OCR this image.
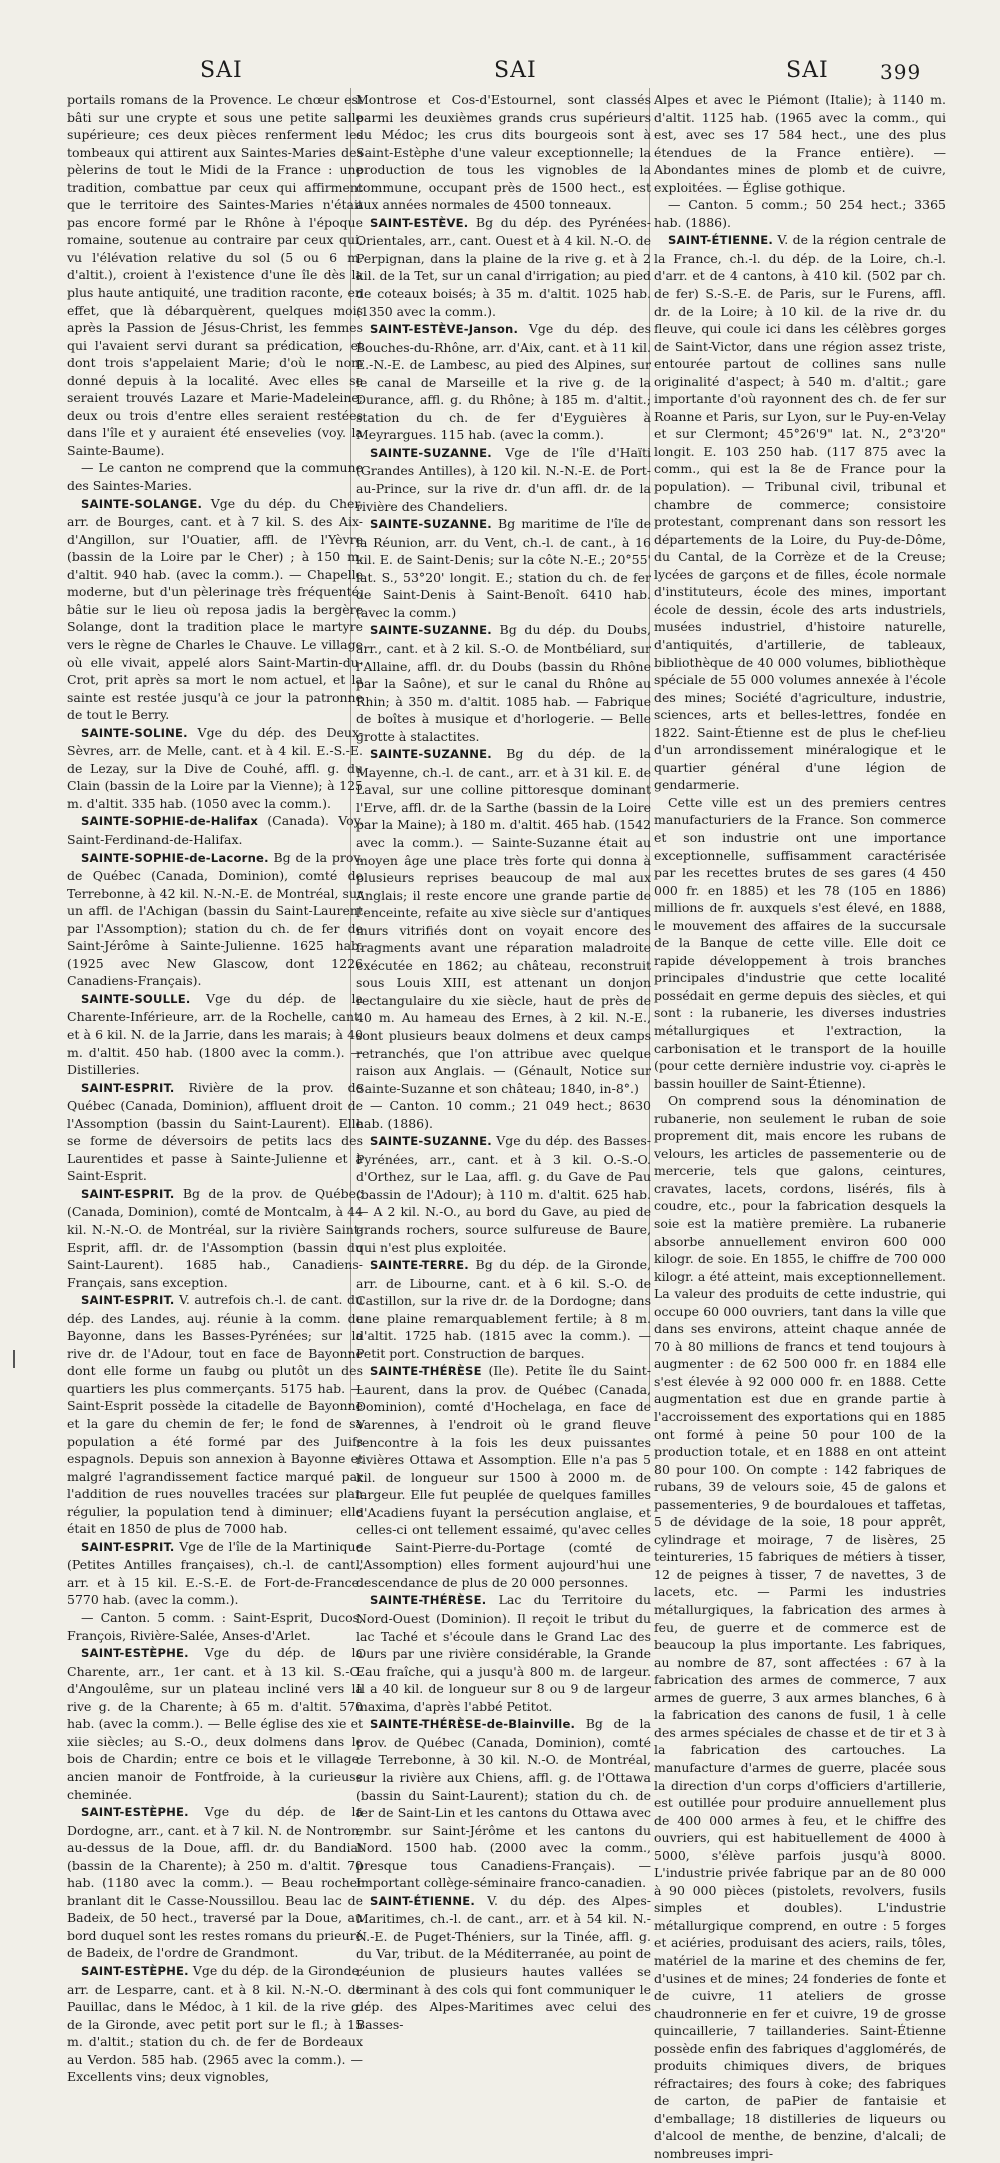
SAI	SAI	SAI	399

portails romans de la Provence. Le chœur est bâti sur une crypte et sous une petite salle supérieure; ces deux pièces renferment les tombeaux qui attirent aux Saintes-Maries des pèlerins de tout le Midi de la France : une tradition, combattue par ceux qui affirment que le territoire des Saintes-Maries n'était pas encore formé par le Rhône à l'époque romaine, soutenue au contraire par ceux qui, vu l'élévation relative du sol (5 ou 6 m. d'altit.), croient à l'existence d'une île dès la plus haute antiquité, une tradition raconte, en effet, que là débarquèrent, quelques mois après la Passion de Jésus-Christ, les femmes qui l'avaient servi durant sa prédication, et dont trois s'appelaient Marie; d'où le nom donné depuis à la localité. Avec elles se seraient trouvés Lazare et Marie-Madeleine; deux ou trois d'entre elles seraient restées dans l'île et y auraient été ensevelies (voy. la Sainte-Baume).

— Le canton ne comprend que la commune des Saintes-Maries.

SAINTE-SOLANGE. Vge du dép. du Cher, arr. de Bourges, cant. et à 7 kil. S. des Aix-d'Angillon, sur l'Ouatier, affl. de l'Yèvre (bassin de la Loire par le Cher) ; à 150 m. d'altit. 940 hab. (avec la comm.). — Chapelle moderne, but d'un pèlerinage très fréquenté, bâtie sur le lieu où reposa jadis la bergère Solange, dont la tradition place le martyre vers le règne de Charles le Chauve. Le village où elle vivait, appelé alors Saint-Martin-du-Crot, prit après sa mort le nom actuel, et la sainte est restée jusqu'à ce jour la patronne de tout le Berry.

SAINTE-SOLINE. Vge du dép. des Deux-Sèvres, arr. de Melle, cant. et à 4 kil. E.-S.-E. de Lezay, sur la Dive de Couhé, affl. g. du Clain (bassin de la Loire par la Vienne); à 125 m. d'altit. 335 hab. (1050 avec la comm.).

SAINTE-SOPHIE-de-Halifax (Canada). Voy. Saint-Ferdinand-de-Halifax.

SAINTE-SOPHIE-de-Lacorne. Bg de la prov. de Québec (Canada, Dominion), comté de Terrebonne, à 42 kil. N.-N.-E. de Montréal, sur un affl. de l'Achigan (bassin du Saint-Laurent par l'Assomption); station du ch. de fer de Saint-Jérôme à Sainte-Julienne. 1625 hab. (1925 avec New Glascow, dont 1226 Canadiens-Français).

SAINTE-SOULLE. Vge du dép. de la Charente-Inférieure, arr. de la Rochelle, cant. et à 6 kil. N. de la Jarrie, dans les marais; à 40 m. d'altit. 450 hab. (1800 avec la comm.). — Distilleries.

SAINT-ESPRIT. Rivière de la prov. de Québec (Canada, Dominion), affluent droit de l'Assomption (bassin du Saint-Laurent). Elle se forme de déversoirs de petits lacs des Laurentides et passe à Sainte-Julienne et à Saint-Esprit.

SAINT-ESPRIT. Bg de la prov. de Québec (Canada, Dominion), comté de Montcalm, à 44 kil. N.-N.-O. de Montréal, sur la rivière Saint-Esprit, affl. dr. de l'Assomption (bassin du Saint-Laurent). 1685 hab., Canadiens-Français, sans exception.

SAINT-ESPRIT. V. autrefois ch.-l. de cant. du dép. des Landes, auj. réunie à la comm. de Bayonne, dans les Basses-Pyrénées; sur la rive dr. de l'Adour, tout en face de Bayonne dont elle forme un faubg ou plutôt un des quartiers les plus commerçants. 5175 hab. — Saint-Esprit possède la citadelle de Bayonne et la gare du chemin de fer; le fond de sa population a été formé par des Juifs espagnols. Depuis son annexion à Bayonne et malgré l'agrandissement factice marqué par l'addition de rues nouvelles tracées sur plan régulier, la population tend à diminuer; elle était en 1850 de plus de 7000 hab.

SAINT-ESPRIT. Vge de l'île de la Martinique (Petites Antilles françaises), ch.-l. de cant., arr. et à 15 kil. E.-S.-E. de Fort-de-France. 5770 hab. (avec la comm.).

— Canton. 5 comm. : Saint-Esprit, Ducos, François, Rivière-Salée, Anses-d'Arlet.

SAINT-ESTÈPHE. Vge du dép. de la Charente, arr., 1er cant. et à 13 kil. S.-O. d'Angoulême, sur un plateau incliné vers la rive g. de la Charente; à 65 m. d'altit. 570 hab. (avec la comm.). — Belle église des xie et xiie siècles; au S.-O., deux dolmens dans le bois de Chardin; entre ce bois et le village, ancien manoir de Fontfroide, à la curieuse cheminée.

SAINT-ESTÈPHE. Vge du dép. de la Dordogne, arr., cant. et à 7 kil. N. de Nontron, au-dessus de la Doue, affl. dr. du Bandiat (bassin de la Charente); à 250 m. d'altit. 70 hab. (1180 avec la comm.). — Beau rocher branlant dit le Casse-Noussillou. Beau lac de Badeix, de 50 hect., traversé par la Doue, au bord duquel sont les restes romans du prieuré de Badeix, de l'ordre de Grandmont.

SAINT-ESTÈPHE. Vge du dép. de la Gironde, arr. de Lesparre, cant. et à 8 kil. N.-N.-O. de Pauillac, dans le Médoc, à 1 kil. de la rive g. de la Gironde, avec petit port sur le fl.; à 15 m. d'altit.; station du ch. de fer de Bordeaux au Verdon. 585 hab. (2965 avec la comm.). — Excellents vins; deux vignobles,

Montrose et Cos-d'Estournel, sont classés parmi les deuxièmes grands crus supérieurs du Médoc; les crus dits bourgeois sont à Saint-Estèphe d'une valeur exceptionnelle; la production de tous les vignobles de la commune, occupant près de 1500 hect., est aux années normales de 4500 tonneaux.

SAINT-ESTÈVE. Bg du dép. des Pyrénées-Orientales, arr., cant. Ouest et à 4 kil. N.-O. de Perpignan, dans la plaine de la rive g. et à 2 kil. de la Tet, sur un canal d'irrigation; au pied de coteaux boisés; à 35 m. d'altit. 1025 hab. (1350 avec la comm.).

SAINT-ESTÈVE-Janson. Vge du dép. des Bouches-du-Rhône, arr. d'Aix, cant. et à 11 kil. E.-N.-E. de Lambesc, au pied des Alpines, sur le canal de Marseille et la rive g. de la Durance, affl. g. du Rhône; à 185 m. d'altit.; station du ch. de fer d'Eyguières à Meyrargues. 115 hab. (avec la comm.).

SAINTE-SUZANNE. Vge de l'île d'Haïti (Grandes Antilles), à 120 kil. N.-N.-E. de Port-au-Prince, sur la rive dr. d'un affl. dr. de la rivière des Chandeliers.

SAINTE-SUZANNE. Bg maritime de l'île de la Réunion, arr. du Vent, ch.-l. de cant., à 16 kil. E. de Saint-Denis; sur la côte N.-E.; 20°55' lat. S., 53°20' longit. E.; station du ch. de fer de Saint-Denis à Saint-Benoît. 6410 hab. (avec la comm.)

SAINTE-SUZANNE. Bg du dép. du Doubs, arr., cant. et à 2 kil. S.-O. de Montbéliard, sur l'Allaine, affl. dr. du Doubs (bassin du Rhône par la Saône), et sur le canal du Rhône au Rhin; à 350 m. d'altit. 1085 hab. — Fabrique de boîtes à musique et d'horlogerie. — Belle grotte à stalactites.

SAINTE-SUZANNE. Bg du dép. de la Mayenne, ch.-l. de cant., arr. et à 31 kil. E. de Laval, sur une colline pittoresque dominant l'Erve, affl. dr. de la Sarthe (bassin de la Loire par la Maine); à 180 m. d'altit. 465 hab. (1542 avec la comm.). — Sainte-Suzanne était au moyen âge une place très forte qui donna à plusieurs reprises beaucoup de mal aux Anglais; il reste encore une grande partie de l'enceinte, refaite au xive siècle sur d'antiques murs vitrifiés dont on voyait encore des fragments avant une réparation maladroite exécutée en 1862; au château, reconstruit sous Louis XIII, est attenant un donjon rectangulaire du xie siècle, haut de près de 40 m. Au hameau des Ernes, à 2 kil. N.-E., sont plusieurs beaux dolmens et deux camps retranchés, que l'on attribue avec quelque raison aux Anglais. — (Génault, Notice sur Sainte-Suzanne et son château; 1840, in-8°.)

— Canton. 10 comm.; 21 049 hect.; 8630 hab. (1886).

SAINTE-SUZANNE. Vge du dép. des Basses-Pyrénées, arr., cant. et à 3 kil. O.-S.-O. d'Orthez, sur le Laa, affl. g. du Gave de Pau (bassin de l'Adour); à 110 m. d'altit. 625 hab. — A 2 kil. N.-O., au bord du Gave, au pied de grands rochers, source sulfureuse de Baure, qui n'est plus exploitée.

SAINTE-TERRE. Bg du dép. de la Gironde, arr. de Libourne, cant. et à 6 kil. S.-O. de Castillon, sur la rive dr. de la Dordogne; dans une plaine remarquablement fertile; à 8 m. d'altit. 1725 hab. (1815 avec la comm.). — Petit port. Construction de barques.

SAINTE-THÉRÈSE (Ile). Petite île du Saint-Laurent, dans la prov. de Québec (Canada, Dominion), comté d'Hochelaga, en face de Varennes, à l'endroit où le grand fleuve rencontre à la fois les deux puissantes rivières Ottawa et Assomption. Elle n'a pas 5 kil. de longueur sur 1500 à 2000 m. de largeur. Elle fut peuplée de quelques familles d'Acadiens fuyant la persécution anglaise, et celles-ci ont tellement essaimé, qu'avec celles de Saint-Pierre-du-Portage (comté de l'Assomption) elles forment aujourd'hui une descendance de plus de 20 000 personnes.

SAINTE-THÉRÈSE. Lac du Territoire du Nord-Ouest (Dominion). Il reçoit le tribut du lac Taché et s'écoule dans le Grand Lac des Ours par une rivière considérable, la Grande Eau fraîche, qui a jusqu'à 800 m. de largeur. Il a 40 kil. de longueur sur 8 ou 9 de largeur maxima, d'après l'abbé Petitot.

SAINTE-THÉRÈSE-de-Blainville. Bg de la prov. de Québec (Canada, Dominion), comté de Terrebonne, à 30 kil. N.-O. de Montréal, sur la rivière aux Chiens, affl. g. de l'Ottawa (bassin du Saint-Laurent); station du ch. de fer de Saint-Lin et les cantons du Ottawa avec embr. sur Saint-Jérôme et les cantons du Nord. 1500 hab. (2000 avec la comm., presque tous Canadiens-Français). — Important collège-séminaire franco-canadien.

SAINT-ÉTIENNE. V. du dép. des Alpes-Maritimes, ch.-l. de cant., arr. et à 54 kil. N.-N.-E. de Puget-Théniers, sur la Tinée, affl. g. du Var, tribut. de la Méditerranée, au point de réunion de plusieurs hautes vallées se terminant à des cols qui font communiquer le dép. des Alpes-Maritimes avec celui des Basses-

Alpes et avec le Piémont (Italie); à 1140 m. d'altit. 1125 hab. (1965 avec la comm., qui est, avec ses 17 584 hect., une des plus étendues de la France entière). — Abondantes mines de plomb et de cuivre, exploitées. — Église gothique.

— Canton. 5 comm.; 50 254 hect.; 3365 hab. (1886).

SAINT-ÉTIENNE. V. de la région centrale de la France, ch.-l. du dép. de la Loire, ch.-l. d'arr. et de 4 cantons, à 410 kil. (502 par ch. de fer) S.-S.-E. de Paris, sur le Furens, affl. dr. de la Loire; à 10 kil. de la rive dr. du fleuve, qui coule ici dans les célèbres gorges de Saint-Victor, dans une région assez triste, entourée partout de collines sans nulle originalité d'aspect; à 540 m. d'altit.; gare importante d'où rayonnent des ch. de fer sur Roanne et Paris, sur Lyon, sur le Puy-en-Velay et sur Clermont; 45°26'9" lat. N., 2°3'20" longit. E. 103 250 hab. (117 875 avec la comm., qui est la 8e de France pour la population). — Tribunal civil, tribunal et chambre de commerce; consistoire protestant, comprenant dans son ressort les départements de la Loire, du Puy-de-Dôme, du Cantal, de la Corrèze et de la Creuse; lycées de garçons et de filles, école normale d'instituteurs, école des mines, important école de dessin, école des arts industriels, musées industriel, d'histoire naturelle, d'antiquités, d'artillerie, de tableaux, bibliothèque de 40 000 volumes, bibliothèque spéciale de 55 000 volumes annexée à l'école des mines; Société d'agriculture, industrie, sciences, arts et belles-lettres, fondée en 1822. Saint-Étienne est de plus le chef-lieu d'un arrondissement minéralogique et le quartier général d'une légion de gendarmerie.

Cette ville est un des premiers centres manufacturiers de la France. Son commerce et son industrie ont une importance exceptionnelle, suffisamment caractérisée par les recettes brutes de ses gares (4 450 000 fr. en 1885) et les 78 (105 en 1886) millions de fr. auxquels s'est élevé, en 1888, le mouvement des affaires de la succursale de la Banque de cette ville. Elle doit ce rapide développement à trois branches principales d'industrie que cette localité possédait en germe depuis des siècles, et qui sont : la rubanerie, les diverses industries métallurgiques et l'extraction, la carbonisation et le transport de la houille (pour cette dernière industrie voy. ci-après le bassin houiller de Saint-Étienne).

On comprend sous la dénomination de rubanerie, non seulement le ruban de soie proprement dit, mais encore les rubans de velours, les articles de passementerie ou de mercerie, tels que galons, ceintures, cravates, lacets, cordons, lisérés, fils à coudre, etc., pour la fabrication desquels la soie est la matière première. La rubanerie absorbe annuellement environ 600 000 kilogr. de soie. En 1855, le chiffre de 700 000 kilogr. a été atteint, mais exceptionnellement. La valeur des produits de cette industrie, qui occupe 60 000 ouvriers, tant dans la ville que dans ses environs, atteint chaque année de 70 à 80 millions de francs et tend toujours à augmenter : de 62 500 000 fr. en 1884 elle s'est élevée à 92 000 000 fr. en 1888. Cette augmentation est due en grande partie à l'accroissement des exportations qui en 1885 ont formé à peine 50 pour 100 de la production totale, et en 1888 en ont atteint 80 pour 100. On compte : 142 fabriques de rubans, 39 de velours soie, 45 de galons et passementeries, 9 de bourdaloues et taffetas, 5 de dévidage de la soie, 18 pour apprêt, cylindrage et moirage, 7 de lisères, 25 teintureries, 15 fabriques de métiers à tisser, 12 de peignes à tisser, 7 de navettes, 3 de lacets, etc. — Parmi les industries métallurgiques, la fabrication des armes à feu, de guerre et de commerce est de beaucoup la plus importante. Les fabriques, au nombre de 87, sont affectées : 67 à la fabrication des armes de commerce, 7 aux armes de guerre, 3 aux armes blanches, 6 à la fabrication des canons de fusil, 1 à celle des armes spéciales de chasse et de tir et 3 à la fabrication des cartouches. La manufacture d'armes de guerre, placée sous la direction d'un corps d'officiers d'artillerie, est outillée pour produire annuellement plus de 400 000 armes à feu, et le chiffre des ouvriers, qui est habituellement de 4000 à 5000, s'élève parfois jusqu'à 8000. L'industrie privée fabrique par an de 80 000 à 90 000 pièces (pistolets, revolvers, fusils simples et doubles). L'industrie métallurgique comprend, en outre : 5 forges et aciéries, produisant des aciers, rails, tôles, matériel de la marine et des chemins de fer, d'usines et de mines; 24 fonderies de fonte et de cuivre, 11 ateliers de grosse chaudronnerie en fer et cuivre, 19 de grosse quincaillerie, 7 taillanderies. Saint-Étienne possède enfin des fabriques d'agglomérés, de produits chimiques divers, de briques réfractaires; des fours à coke; des fabriques de carton, de paPier de fantaisie et d'emballage; 18 distilleries de liqueurs ou d'alcool de menthe, de benzine, d'alcali; de nombreuses impri-
